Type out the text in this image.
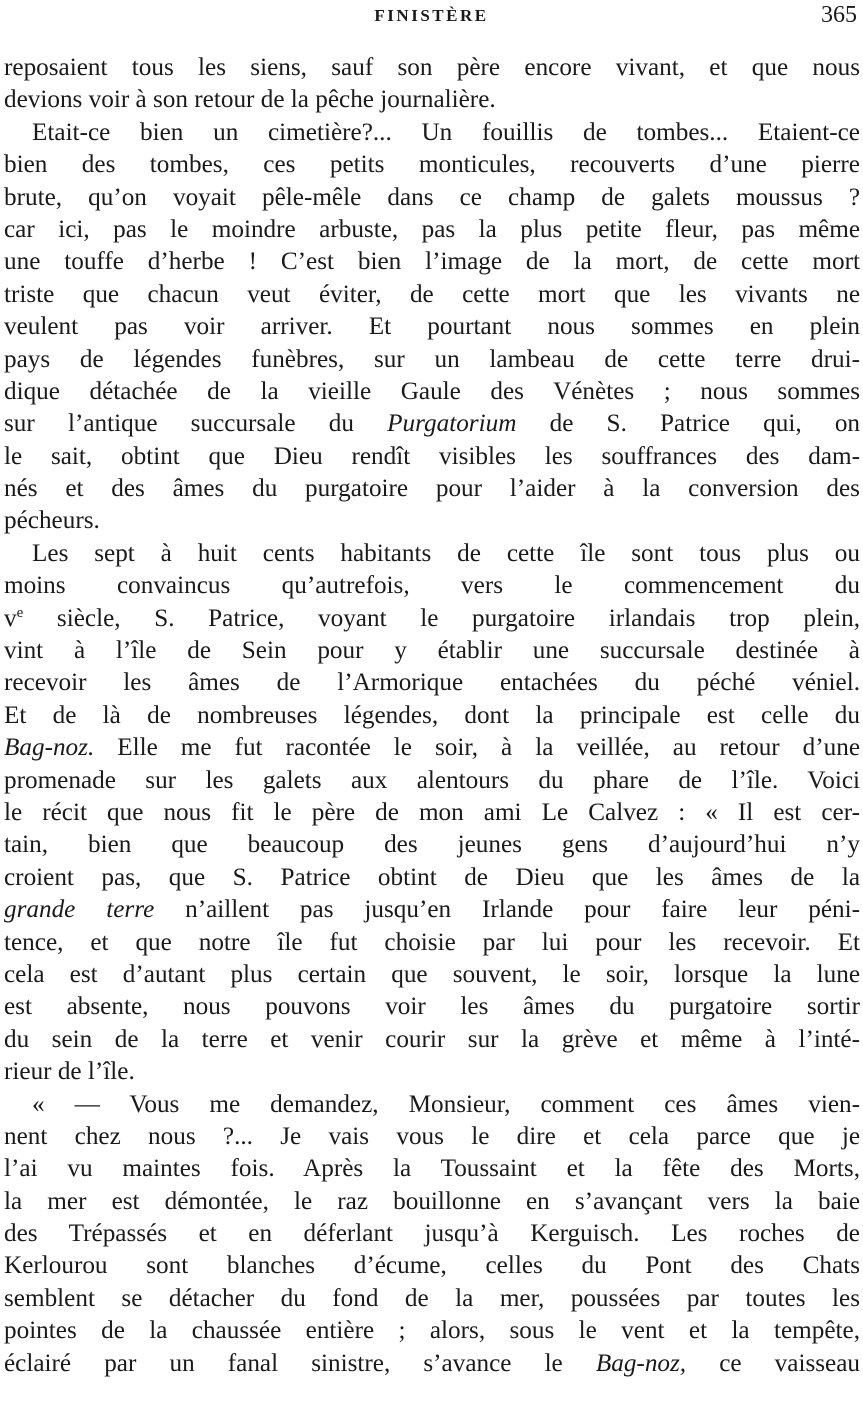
FINISTÈRE	365
reposaient tous les siens, sauf son père encore vivant, et que nous
devions voir à son retour de la pêche journalière.
Etait-ce bien un cimetière?... Un fouillis de tombes... Etaient-ce
bien des tombes, ces petits monticules, recouverts d’une pierre
brute, qu’on voyait pêle-mêle dans ce champ de galets moussus ?
car ici, pas le moindre arbuste, pas la plus petite fleur, pas même
une touffe d’herbe ! C’est bien l’image de la mort, de cette mort
triste que chacun veut éviter, de cette mort que les vivants ne
veulent pas voir arriver. Et pourtant nous sommes en plein
pays de légendes funèbres, sur un lambeau de cette terre drui-
dique détachée de la vieille Gaule des Vénètes ; nous sommes
sur l’antique succursale du Purgatorium de S. Patrice qui, on
le sait, obtint que Dieu rendît visibles les souffrances des dam-
nés et des âmes du purgatoire pour l’aider à la conversion des
pécheurs.
Les sept à huit cents habitants de cette île sont tous plus ou
moins convaincus qu’autrefois, vers le commencement du
$v^e$ siècle, S. Patrice, voyant le purgatoire irlandais trop plein,
vint à l’île de Sein pour y établir une succursale destinée à
recevoir les âmes de l’Armorique entachées du péché véniel.
Et de là de nombreuses légendes, dont la principale est celle du
Bag-noz. Elle me fut racontée le soir, à la veillée, au retour d’une
promenade sur les galets aux alentours du phare de l’île. Voici
le récit que nous fit le père de mon ami Le Calvez : « Il est cer-
tain, bien que beaucoup des jeunes gens d’aujourd’hui n’y
croient pas, que S. Patrice obtint de Dieu que les âmes de la
grande terre n’aillent pas jusqu’en Irlande pour faire leur péni-
tence, et que notre île fut choisie par lui pour les recevoir. Et
cela est d’autant plus certain que souvent, le soir, lorsque la lune
est absente, nous pouvons voir les âmes du purgatoire sortir
du sein de la terre et venir courir sur la grève et même à l’inté-
rieur de l’île.
« — Vous me demandez, Monsieur, comment ces âmes vien-
nent chez nous ?... Je vais vous le dire et cela parce que je
l’ai vu maintes fois. Après la Toussaint et la fête des Morts,
la mer est démontée, le raz bouillonne en s’avançant vers la baie
des Trépassés et en déferlant jusqu’à Kerguisch. Les roches de
Kerlourou sont blanches d’écume, celles du Pont des Chats
semblent se détacher du fond de la mer, poussées par toutes les
pointes de la chaussée entière ; alors, sous le vent et la tempête,
éclairé par un fanal sinistre, s’avance le Bag-noz, ce vaisseau
